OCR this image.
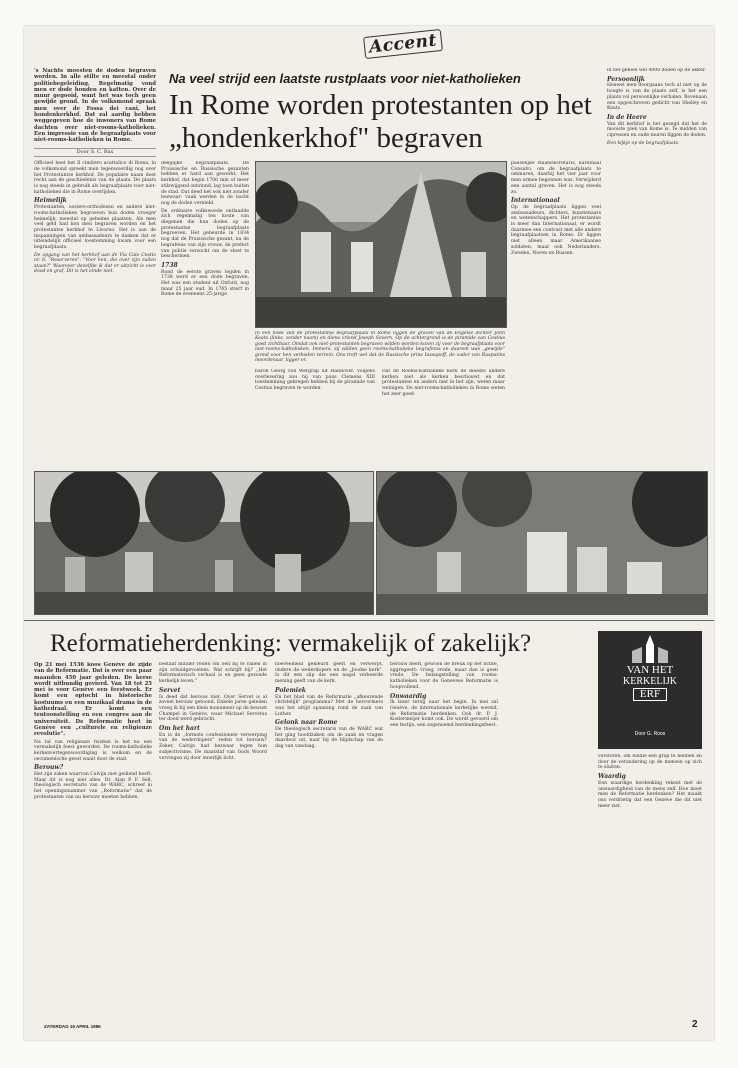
Accent

's Nachts moesten de doden begraven worden. In alle stilte en meestal onder politiebegeleiding. Regelmatig vond men er dode honden en katten. Over de muur gegooid, want het was toch geen gewijde grond. In de volksmond spraak men over de Fossa dei cani, het hondenkerkhof. Dat zal aardig hebben weggegeven hoe de inwoners van Rome dachten over niet-rooms-katholieken. Een impressie van de begraafplaats voor niet-rooms-katholieken in Rome.

Door S. C. Bax

Officieel heet het Il cimitero acattolico di Roma, in de volksmond spreekt men tegenwoordig nog over het Protestantse kerkhof. De populaire naam doet recht aan de geschiedenis van de plaats. De plaats is nog steeds in gebruik als begraafplaats voor niet-katholieken die in Rome overlijden.

Heimelijk

Protestanten, oosters-orthodoxen en andere niet-rooms-katholieken begroeven hun doden vroeger heimelijk, meestal op geheime plaatsen. Als men veel geld had kon men begraven worden en het protestantse kerkhof te Livorno. Het is aan de inspanningen van ambassadeurs te danken dat er uiteindelijk officieel toestemming kwam voor een begraafplaats.

De opgang van het kerkhof aan de Via Caio Cestio nr. 6. "Reserveren": "Voor hen, die over zijn zullen staan?" Waarover dezelfde ik dat er uitzicht is over dood en graf. Dit is het einde niet.

Na veel strijd een laatste rustplaats voor niet-katholieken
In Rome worden protestanten op het „hondenkerkhof" begraven

deeglijke begraafplaats. De Pruissische en Russische gezanten hebben er hard aan gewerkt. Het kerkhof, dat begin 1700 min of meer stilzwijgend ontstond, lag toen buiten de stad. Dat deed het ook niet zonder bezwaar: vaak werden in de nacht nog de doden vernield.

De ordinaire volkswoede ontlaadde zich regelmatig ten koste van diegenen die hun doden op de protestantse begraafplaats begroeven. Het gebeurde in 1834 nog dat de Pruissische gezant, nu de begrafenis van zijn vrouw, de prefect van politie verzocht om de stoet te beschermen.

1738

Rond de eerste graven legden in 1738 werd er een dode begraven. Het was een student uit Oxford, nog maar 25 jaar oud. In 1765 stierf in Rome de eveneens 25-jarige

In een hoek van de protestantse begraafplaats in Rome liggen de graven van de Engelse dichter John Keats (links, zonder naam) en diens vriend Joseph Severn. Op de achtergrond is de piramide van Cestius goed zichtbaar. Omdat ook niet-protestanten begraven wilden worden kozen zij voor de begraafplaats voor niet-rooms-katholieken. Immers, zij wilden geen rooms-katholieke begrafenis en daarom was „gewijde" grond voor hen verboden terrein. Ons treft wel dat de Russische prins Iussupoff, de vader van Rasputins moordenaar, ligger er.

baron Georg von Wergrap uit Hannover. Volgens overlevering zou hij van paus Clemens XIII toestemming gekregen hebben bij de piramide van Cestius begraven te worden.

Dat de Rooms-Katholieke Kerk de meeste andere kerken niet als kerken beschouwt en dat protestanten en anders niet in het zijn, weten maar weinigen. De niet-rooms-katholieken in Rome weten het zeer goed.

pauselijke staatssecretaris, kardinaal Consalvi, om de begraafplaats te ommuren, daarbij het vier jaar voor men ermee begonnen was. Verwijderd een aantal graven. Het is nog steeds zo.

Internationaal

Op de begraafplaats liggen veel ambassadeurs, dichters, kunstenaars en wetenschappers. Het protestantse is meer dan Internationaal, er wordt daarmee een contrast met alle andere begraafplaatsen in Rome. Er liggen niet alleen maar Amerikaanse soldaten, maar ook Nederlanders, Zweden, Noren en Russen.

in het geheel wel 4000 doden op de akker.

Persoonlijk

Hoewel men doorgaans toch al niet op de hoogte is van de plaats zelf, is het een plaats vol persoonlijke verhalen. Bovenaan een opgeschreven gedicht van Shelley en Keats.

In de Heere

Van dit kerkhof is het gezegd dat het de mooiste plek van Rome is. Te midden van cipressen en oude muren liggen de doden.

Een kijkje op de begraafplaats.

Reformatieherdenking: vermakelijk of zakelijk?
VAN HET
KERKELIJK
ERF
Door G. Roos

Op 21 mei 1536 koos Genève de zijde van de Reformatie. Dat is over een paar maanden 450 jaar geleden. De kerse wordt uitbundig gevierd. Van 18 tot 25 mei is voor Genève een feestweek. Er komt een optocht in historische kostuums en een muzikaal drama in de kathedraal. Er komt een tentoonstelling en een congres aan de universiteit. De Reformatie heet in Genève een „culturele en religieuze revolutie".

Na tal van religieuze twisten is het nu een vermakelijk feest geworden. De rooms-katholieke kerkenvertegenwoordiging is welkom en de oecumenische geest waait door de stad.

Berouw?

Het zijn zaken waarvan Calvijn niet gediend heeft. Maar dit is nog niet alles. Dr. Alan P. F. Sell, theologisch secretaris van de WARC, schreef in het openingsnummer van „Reformatio" dat de protestanten van nu berouw moeten hebben.

bestaat minder reden om Sell bij te vallen in zijn schuldgevoelens. Wat schrijft hij? „Het Reformatorisch verhaal is en geen gezonde kerkelijk leven."

Servet

Is deed dat berouw niet. Over Servet is al zoveel berouw getoond. Enkele jaren geleden vroeg ik bij een klein monument op de bewust Champel in Genève, waar Michael Servetus ter dood werd gebracht.

Om het hart

En is de „formele confessionele verwerping van de wederdopers" reden tot berouw? Zeker, Calvijn had bezwaar tegen hun subjectivisme. De maatstaf van Gods Woord vervingen zij door innerlijk licht.

hoeveelheid gekleurd geeft en verwerpt, ondere de wederdopers en de „Joodse kerk". Is dit een slip die een nogal verkeerde mening geeft van de kerk.

Polemiek

En het blad van de Reformatie „afkeurende christelijk" programma? Met de hervormers was het altijd spanning rond de zaak van Luther.

Gelonk naar Rome

De theologisch secretaris van de WARC wat het ging hoofdzaken om de zaak en vragen daardoor uit, naar bij de blijdschap van de dag van vandaag.

berouw heeft, gewoon de breuk op het lichte, aggregeert: vroeg, vrede, maar dan is geen vrede. De belangstelling van rooms-katholieken voor de Genevese Reformatie is hoopvollend.

Onwaardig

Ik lezer terug naar het begin. In mei zal Genève, de internationale kerkelijke wereld, de Reformatie herdenken. Ook dr. P. J. Kostermeijer komt ook. De wordt gevoerd om een festijn, een zogenoemd herdenkingsfeest.

verstoren, om eindie een grap te hebben en door de verandering op de mensen op zich te sluiten.

Waardig

Een waardige herdenking rekent met de onwaardigheid van de mens zelf. Hoe moet men de Reformatie herdenken? Het maakt ons verdrietig dat een Genève die dit niet meer ziet.

ZATERDAG 19 APRIL 1986	2
